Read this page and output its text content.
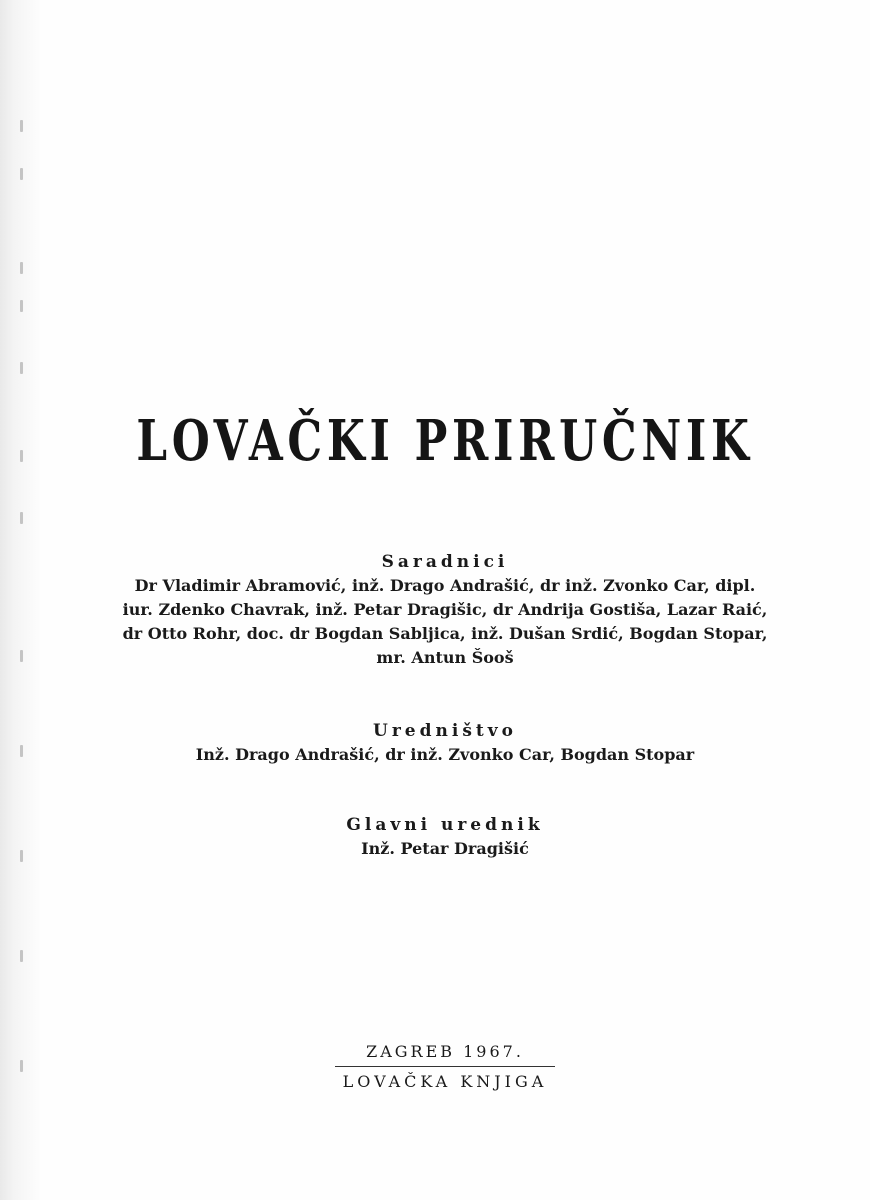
LOVAČKI PRIRUČNIK
Saradnici
Dr Vladimir Abramović, inž. Drago Andrašić, dr inž. Zvonko Car, dipl.
iur. Zdenko Chavrak, inž. Petar Dragišic, dr Andrija Gostiša, Lazar Raić,
dr Otto Rohr, doc. dr Bogdan Sabljica, inž. Dušan Srdić, Bogdan Stopar,
mr. Antun Šooš
Uredništvo
Inž. Drago Andrašić, dr inž. Zvonko Car, Bogdan Stopar
Glavni urednik
Inž. Petar Dragišić
ZAGREB 1967.
LOVAČKA KNJIGA
